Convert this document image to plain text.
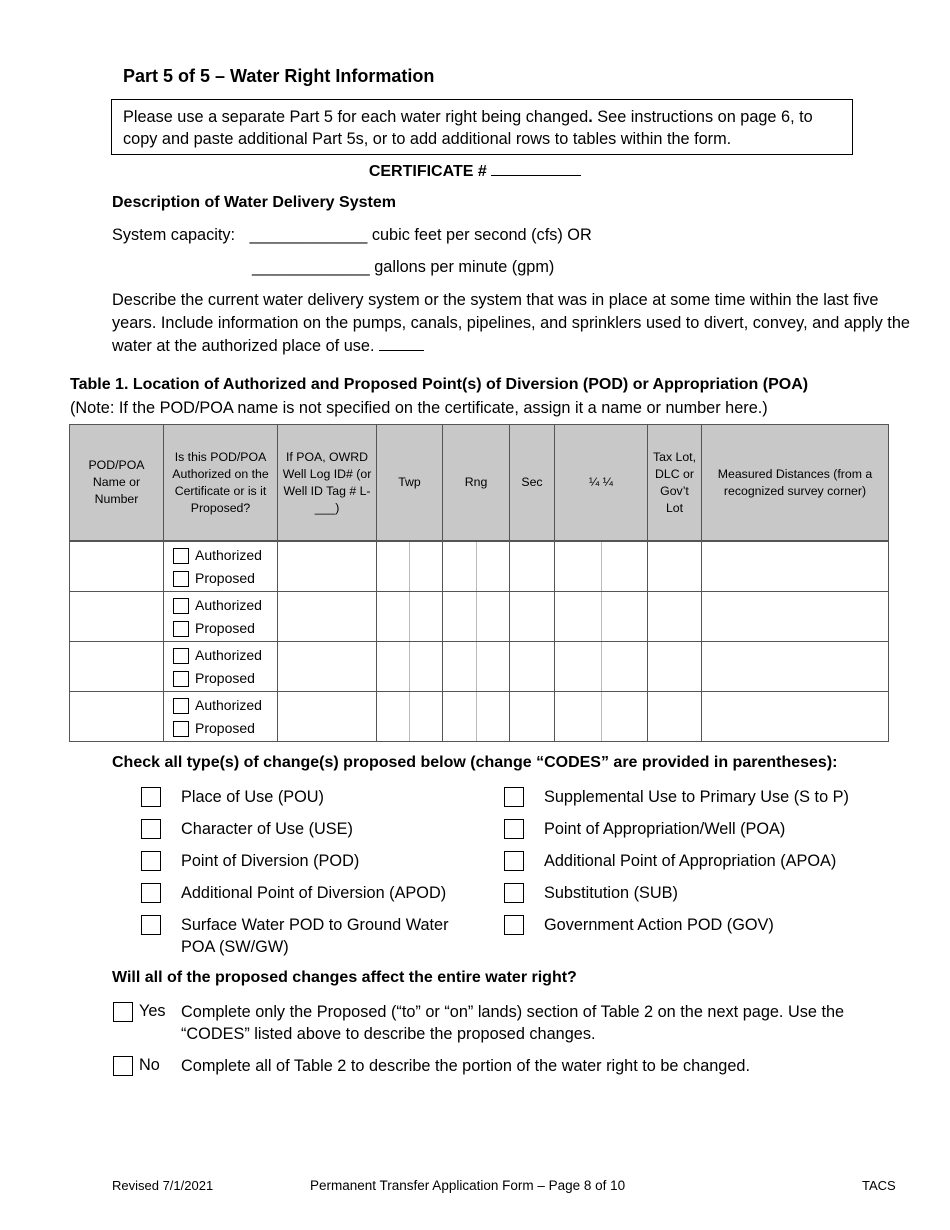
Part 5 of 5 – Water Right Information
Please use a separate Part 5 for each water right being changed. See instructions on page 6, to copy and paste additional Part 5s, or to add additional rows to tables within the form.
CERTIFICATE #
Description of Water Delivery System
System capacity: _____________ cubic feet per second (cfs) OR
_____________ gallons per minute (gpm)
Describe the current water delivery system or the system that was in place at some time within the last five years. Include information on the pumps, canals, pipelines, and sprinklers used to divert, convey, and apply the water at the authorized place of use.
Table 1. Location of Authorized and Proposed Point(s) of Diversion (POD) or Appropriation (POA)
(Note: If the POD/POA name is not specified on the certificate, assign it a name or number here.)
POD/POA Name or Number	Is this POD/POA Authorized on the Certificate or is it Proposed?	If POA, OWRD Well Log ID# (or Well ID Tag # L-___)	Twp	Rng	Sec	¼ ¼	Tax Lot, DLC or Gov’t Lot	Measured Distances (from a recognized survey corner)

	Authorized
Proposed							

	Authorized
Proposed							

	Authorized
Proposed							

	Authorized
Proposed							

Check all type(s) of change(s) proposed below (change “CODES” are provided in parentheses):
Place of Use (POU)
Character of Use (USE)
Point of Diversion (POD)
Additional Point of Diversion (APOD)
Surface Water POD to Ground Water POA (SW/GW)
Supplemental Use to Primary Use (S to P)
Point of Appropriation/Well (POA)
Additional Point of Appropriation (APOA)
Substitution (SUB)
Government Action POD (GOV)
Will all of the proposed changes affect the entire water right?
Yes Complete only the Proposed (“to” or “on” lands) section of Table 2 on the next page. Use the “CODES” listed above to describe the proposed changes.
No Complete all of Table 2 to describe the portion of the water right to be changed.
Revised 7/1/2021	Permanent Transfer Application Form – Page 8 of 10	TACS
